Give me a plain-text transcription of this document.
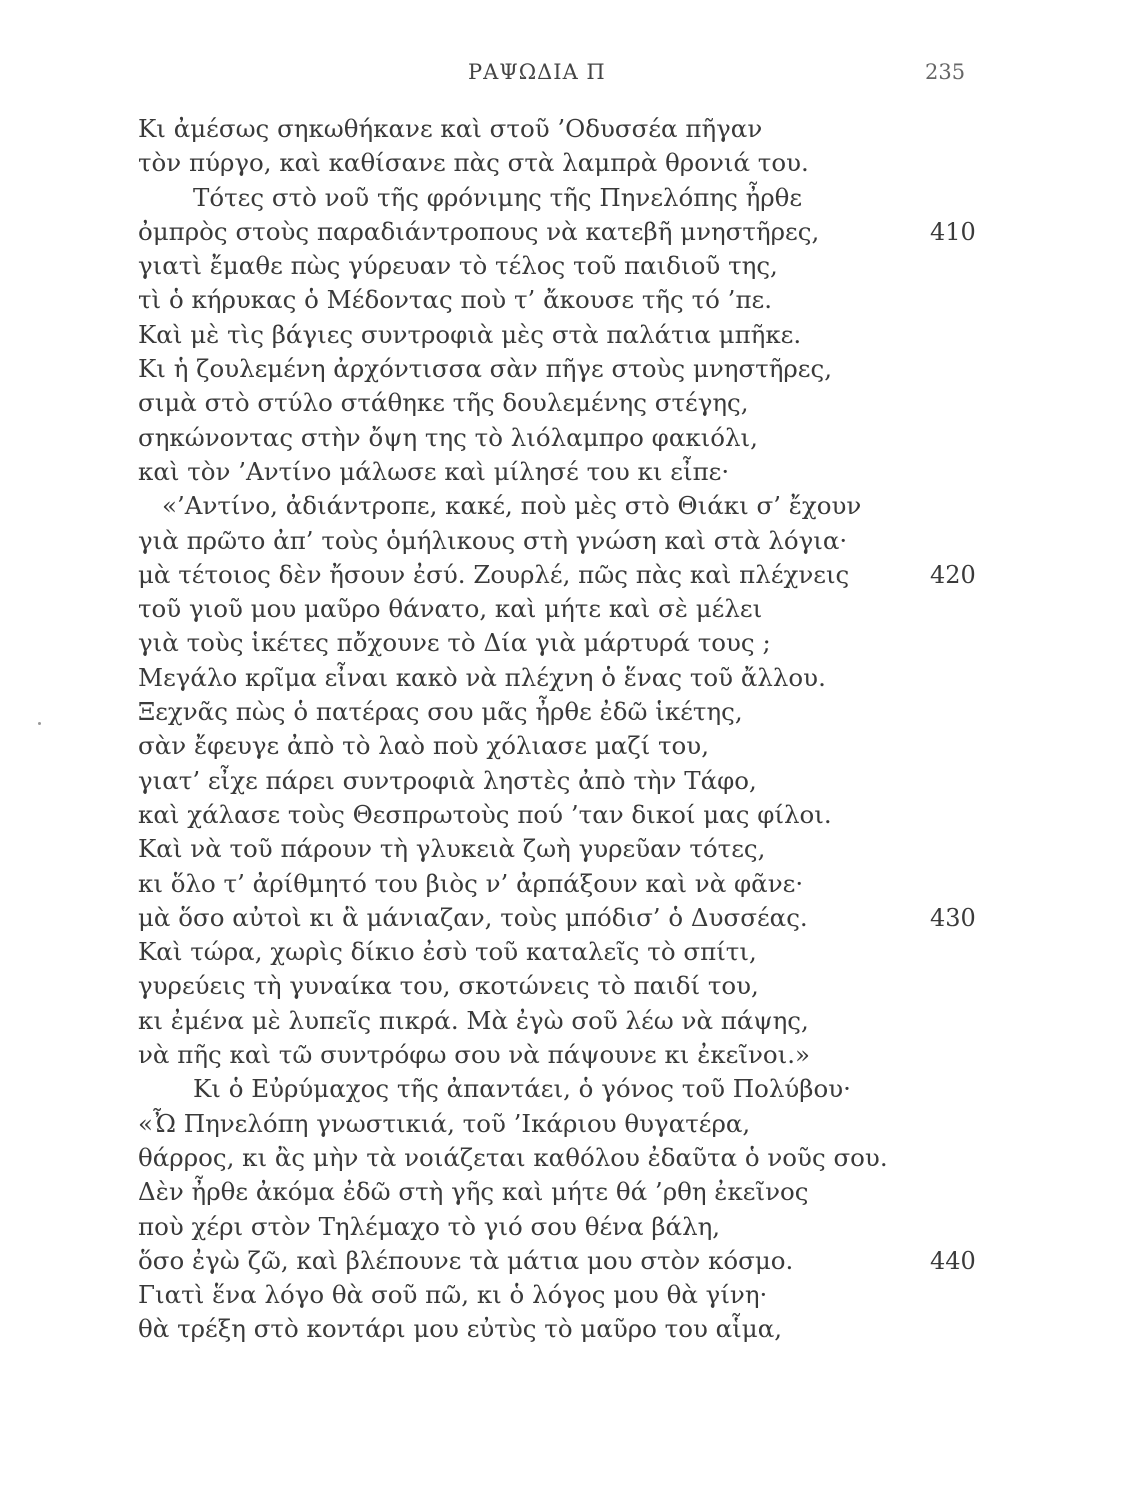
ΡΑΨΩΔΙΑ Π	235
Κι ἀμέσως σηκωθήκανε καὶ στοῦ ’Οδυσσέα πῆγαν
τὸν πύργο, καὶ καθίσανε πὰς στὰ λαμπρὰ θρονιά του.
Τότες στὸ νοῦ τῆς φρόνιμης τῆς Πηνελόπης ἦρθε
ὀμπρὸς στοὺς παραδιάντροπους νὰ κατεβῆ μνηστῆρες,	410
γιατὶ ἔμαθε πὼς γύρευαν τὸ τέλος τοῦ παιδιοῦ της,
τὶ ὁ κήρυκας ὁ Μέδοντας ποὺ τ’ ἄκουσε τῆς τό ’πε.
Καὶ μὲ τὶς βάγιες συντροφιὰ μὲς στὰ παλάτια μπῆκε.
Κι ἡ ζουλεμένη ἀρχόντισσα σὰν πῆγε στοὺς μνηστῆρες,
σιμὰ στὸ στύλο στάθηκε τῆς δουλεμένης στέγης,
σηκώνοντας στὴν ὄψη της τὸ λιόλαμπρο φακιόλι,
καὶ τὸν ’Αντίνο μάλωσε καὶ μίλησέ του κι εἶπε·
«’Αντίνο, ἀδιάντροπε, κακέ, ποὺ μὲς στὸ Θιάκι σ’ ἔχουν
γιὰ πρῶτο ἀπ’ τοὺς ὁμήλικους στὴ γνώση καὶ στὰ λόγια·
μὰ τέτοιος δὲν ἤσουν ἐσύ. Ζουρλέ, πῶς πὰς καὶ πλέχνεις	420
τοῦ γιοῦ μου μαῦρο θάνατο, καὶ μήτε καὶ σὲ μέλει
γιὰ τοὺς ἱκέτες πὄχουνε τὸ Δία γιὰ μάρτυρά τους ;
Μεγάλο κρῖμα εἶναι κακὸ νὰ πλέχνη ὁ ἕνας τοῦ ἄλλου.
Ξεχνᾶς πὼς ὁ πατέρας σου μᾶς ἦρθε ἐδῶ ἱκέτης,
σὰν ἔφευγε ἀπὸ τὸ λαὸ ποὺ χόλιασε μαζί του,
γιατ’ εἶχε πάρει συντροφιὰ ληστὲς ἀπὸ τὴν Τάφο,
καὶ χάλασε τοὺς Θεσπρωτοὺς πού ’ταν δικοί μας φίλοι.
Καὶ νὰ τοῦ πάρουν τὴ γλυκειὰ ζωὴ γυρεῦαν τότες,
κι ὅλο τ’ ἀρίθμητό του βιὸς ν’ ἀρπάξουν καὶ νὰ φᾶνε·
μὰ ὅσο αὐτοὶ κι ἃ μάνιαζαν, τοὺς μπόδισ’ ὁ Δυσσέας.	430
Καὶ τώρα, χωρὶς δίκιο ἐσὺ τοῦ καταλεῖς τὸ σπίτι,
γυρεύεις τὴ γυναίκα του, σκοτώνεις τὸ παιδί του,
κι ἐμένα μὲ λυπεῖς πικρά. Μὰ ἐγὼ σοῦ λέω νὰ πάψης,
νὰ πῆς καὶ τῶ συντρόφω σου νὰ πάψουνε κι ἐκεῖνοι.»
Κι ὁ Εὐρύμαχος τῆς ἀπαντάει, ὁ γόνος τοῦ Πολύβου·
«Ὦ Πηνελόπη γνωστικιά, τοῦ ’Ικάριου θυγατέρα,
θάρρος, κι ἂς μὴν τὰ νοιάζεται καθόλου ἐδαῦτα ὁ νοῦς σου.
Δὲν ἦρθε ἀκόμα ἐδῶ στὴ γῆς καὶ μήτε θά ’ρθη ἐκεῖνος
ποὺ χέρι στὸν Τηλέμαχο τὸ γιό σου θένα βάλη,
ὅσο ἐγὼ ζῶ, καὶ βλέπουνε τὰ μάτια μου στὸν κόσμο.	440
Γιατὶ ἕνα λόγο θὰ σοῦ πῶ, κι ὁ λόγος μου θὰ γίνη·
θὰ τρέξη στὸ κοντάρι μου εὐτὺς τὸ μαῦρο του αἷμα,
